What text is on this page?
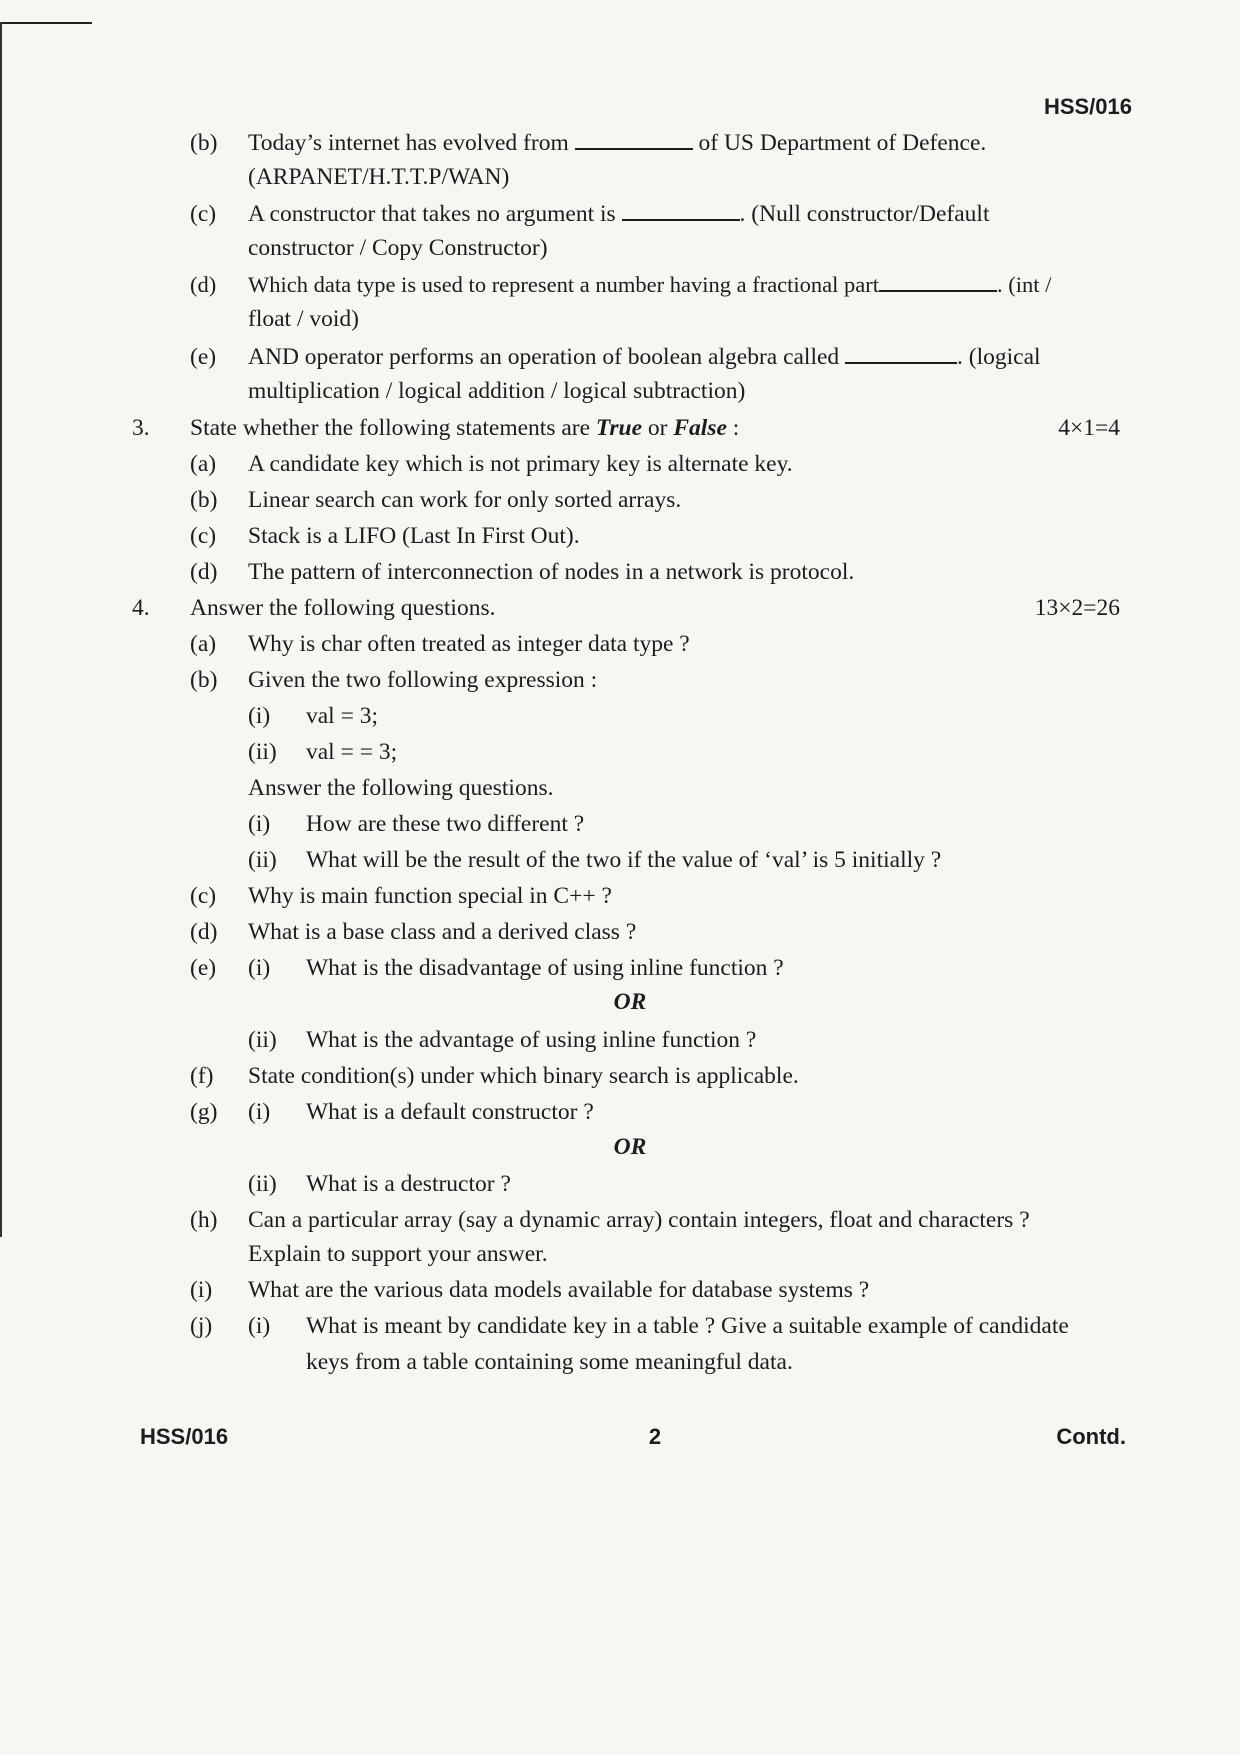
HSS/016
(b) Today’s internet has evolved from	of US Department of Defence.
(ARPANET/H.T.T.P/WAN)
(c) A constructor that takes no argument is	. (Null constructor/Default
constructor / Copy Constructor)
(d) Which data type is used to represent a number having a fractional part	. (int /
float / void)
(e) AND operator performs an operation of boolean algebra called	. (logical
multiplication / logical addition / logical subtraction)
3. State whether the following statements are True or False :	4×1=4
(a) A candidate key which is not primary key is alternate key.
(b) Linear search can work for only sorted arrays.
(c) Stack is a LIFO (Last In First Out).
(d) The pattern of interconnection of nodes in a network is protocol.
4. Answer the following questions.	13×2=26
(a) Why is char often treated as integer data type ?
(b) Given the two following expression :
(i) val = 3;
(ii) val = = 3;
Answer the following questions.
(i) How are these two different ?
(ii) What will be the result of the two if the value of ‘val’ is 5 initially ?
(c) Why is main function special in C++ ?
(d) What is a base class and a derived class ?
(e) (i) What is the disadvantage of using inline function ?
OR
(ii) What is the advantage of using inline function ?
(f) State condition(s) under which binary search is applicable.
(g) (i) What is a default constructor ?
OR
(ii) What is a destructor ?
(h) Can a particular array (say a dynamic array) contain integers, float and characters ?
Explain to support your answer.
(i) What are the various data models available for database systems ?
(j) (i) What is meant by candidate key in a table ? Give a suitable example of candidate
keys from a table containing some meaningful data.
HSS/016	2	Contd.
